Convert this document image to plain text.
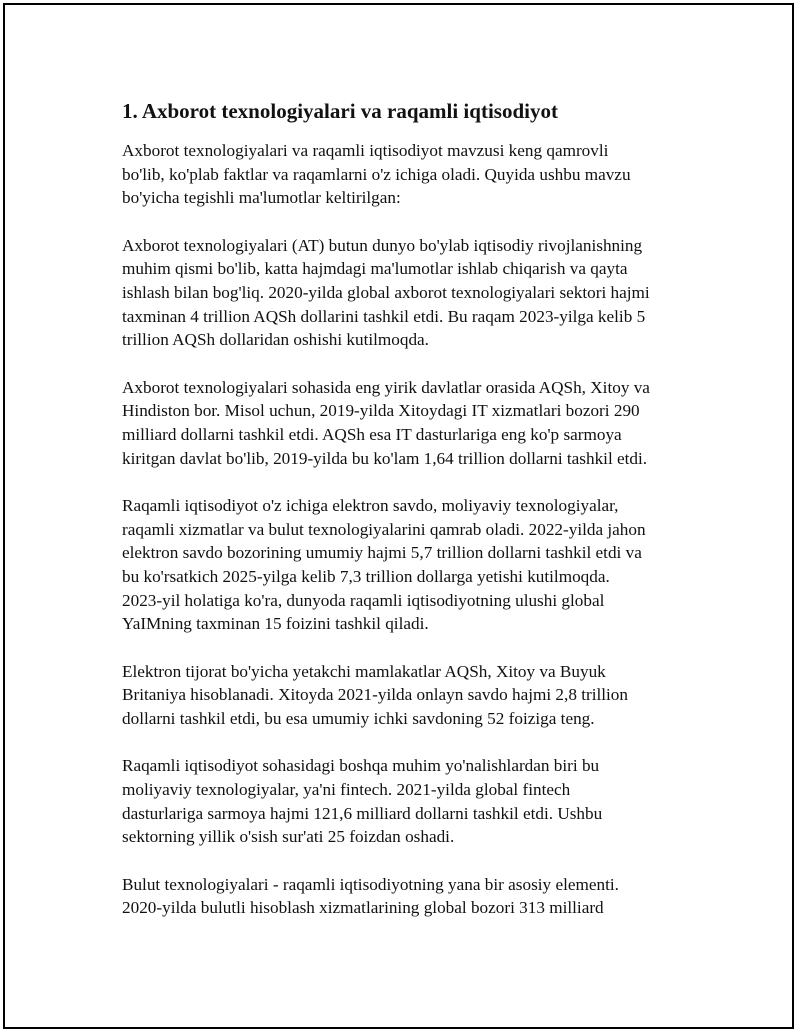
1. Axborot texnologiyalari va raqamli iqtisodiyot

Axborot texnologiyalari va raqamli iqtisodiyot mavzusi keng qamrovli
bo'lib, ko'plab faktlar va raqamlarni o'z ichiga oladi. Quyida ushbu mavzu
bo'yicha tegishli ma'lumotlar keltirilgan:

Axborot texnologiyalari (AT) butun dunyo bo'ylab iqtisodiy rivojlanishning
muhim qismi bo'lib, katta hajmdagi ma'lumotlar ishlab chiqarish va qayta
ishlash bilan bog'liq. 2020-yilda global axborot texnologiyalari sektori hajmi
taxminan 4 trillion AQSh dollarini tashkil etdi. Bu raqam 2023-yilga kelib 5
trillion AQSh dollaridan oshishi kutilmoqda.

Axborot texnologiyalari sohasida eng yirik davlatlar orasida AQSh, Xitoy va
Hindiston bor. Misol uchun, 2019-yilda Xitoydagi IT xizmatlari bozori 290
milliard dollarni tashkil etdi. AQSh esa IT dasturlariga eng ko'p sarmoya
kiritgan davlat bo'lib, 2019-yilda bu ko'lam 1,64 trillion dollarni tashkil etdi.

Raqamli iqtisodiyot o'z ichiga elektron savdo, moliyaviy texnologiyalar,
raqamli xizmatlar va bulut texnologiyalarini qamrab oladi. 2022-yilda jahon
elektron savdo bozorining umumiy hajmi 5,7 trillion dollarni tashkil etdi va
bu ko'rsatkich 2025-yilga kelib 7,3 trillion dollarga yetishi kutilmoqda.
2023-yil holatiga ko'ra, dunyoda raqamli iqtisodiyotning ulushi global
YaIMning taxminan 15 foizini tashkil qiladi.

Elektron tijorat bo'yicha yetakchi mamlakatlar AQSh, Xitoy va Buyuk
Britaniya hisoblanadi. Xitoyda 2021-yilda onlayn savdo hajmi 2,8 trillion
dollarni tashkil etdi, bu esa umumiy ichki savdoning 52 foiziga teng.

Raqamli iqtisodiyot sohasidagi boshqa muhim yo'nalishlardan biri bu
moliyaviy texnologiyalar, ya'ni fintech. 2021-yilda global fintech
dasturlariga sarmoya hajmi 121,6 milliard dollarni tashkil etdi. Ushbu
sektorning yillik o'sish sur'ati 25 foizdan oshadi.

Bulut texnologiyalari - raqamli iqtisodiyotning yana bir asosiy elementi.
2020-yilda bulutli hisoblash xizmatlarining global bozori 313 milliard
